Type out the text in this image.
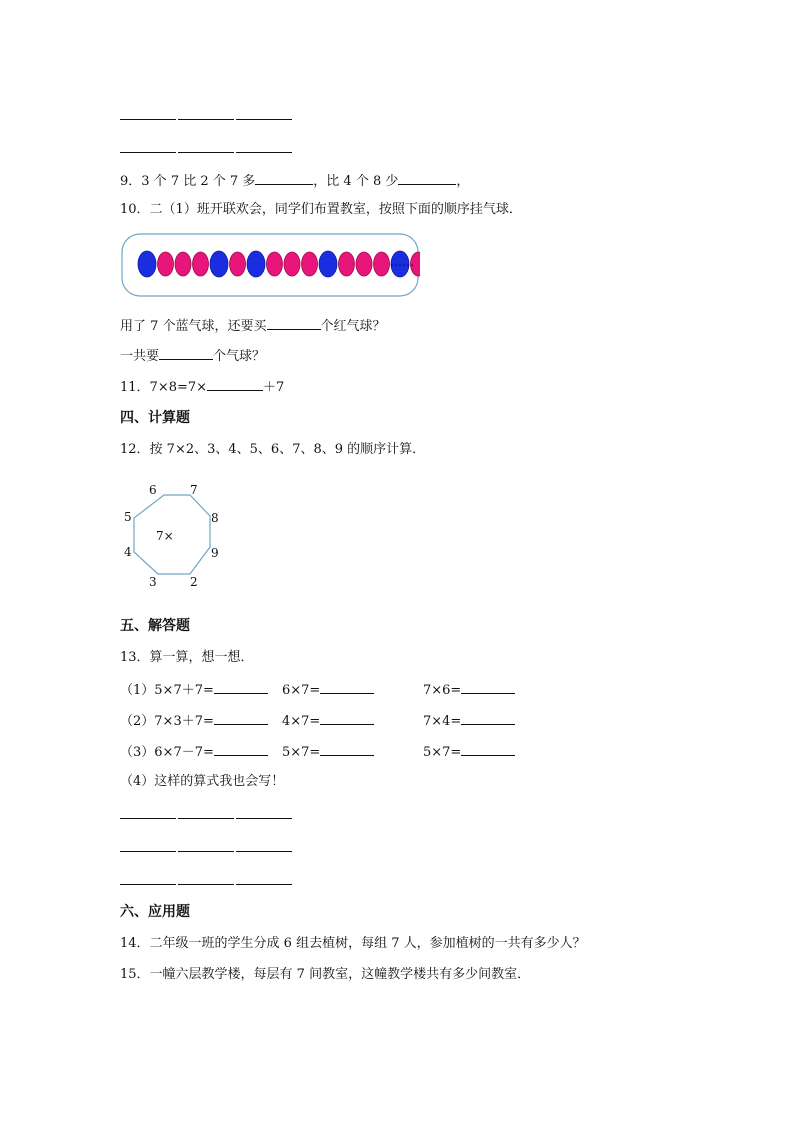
9．3 个 7 比 2 个 7 多	，比 4 个 8 少	，
10．二（1）班开联欢会，同学们布置教室，按照下面的顺序挂气球．
……
用了 7 个蓝气球，还要买	个红气球？
一共要	个气球？
11．7×8=7×	＋7
四、计算题
12．按 7×2、3、4、5、6、7、8、9 的顺序计算．
7×
6	7
5	8
4	9
3	2
五、解答题
13．算一算，想一想．
（1）5×7＋7=	6×7=	7×6=
（2）7×3＋7=	4×7=	7×4=
（3）6×7－7=	5×7=	5×7=
（4）这样的算式我也会写！
六、应用题
14．二年级一班的学生分成 6 组去植树，每组 7 人，参加植树的一共有多少人？
15．一幢六层教学楼，每层有 7 间教室，这幢教学楼共有多少间教室．
